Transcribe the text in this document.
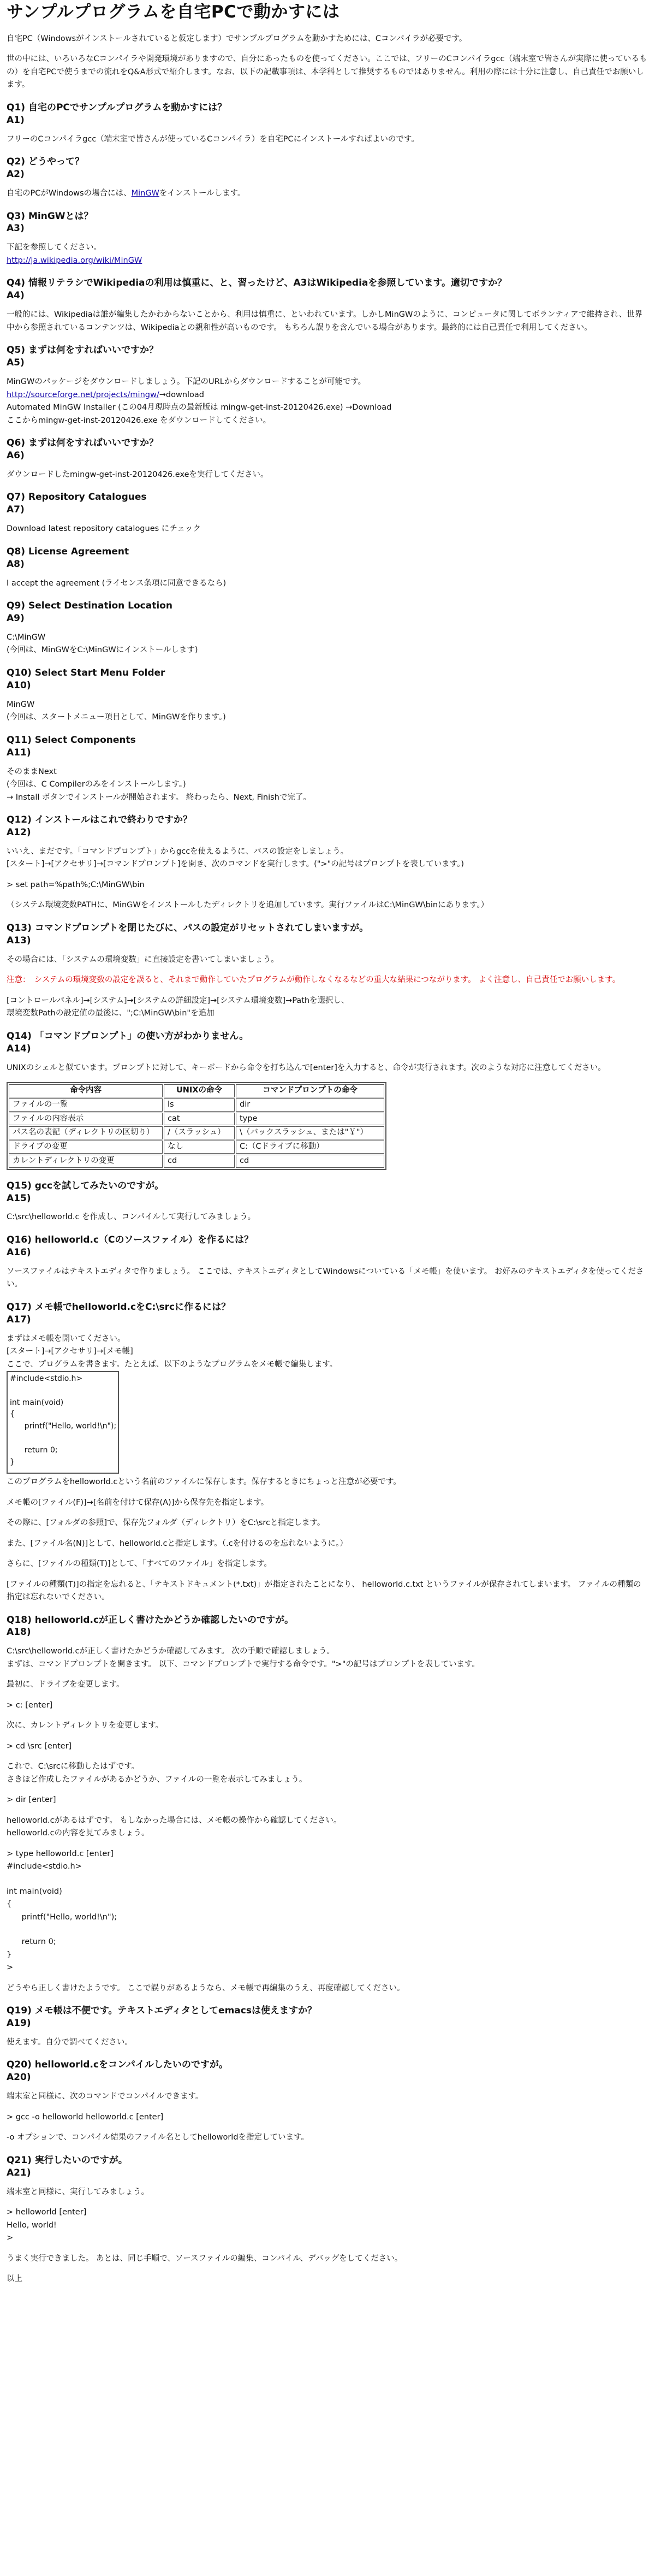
サンプルプログラムを自宅PCで動かすには

自宅PC（Windowsがインストールされていると仮定します）でサンプルプログラムを動かすためには、Cコンパイラが必要です。

世の中には、いろいろなCコンパイラや開発環境がありますので、自分にあったものを使ってください。ここでは、フリーのCコンパイラgcc（端末室で皆さんが実際に使っているもの）を自宅PCで使うまでの流れをQ&A形式で紹介します。なお、以下の記載事項は、本学科として推奨するものではありません。利用の際には十分に注意し、自己責任でお願いします。

Q1) 自宅のPCでサンプルプログラムを動かすには？
A1)

フリーのCコンパイラgcc（端末室で皆さんが使っているCコンパイラ）を自宅PCにインストールすればよいのです。

Q2) どうやって？
A2)

自宅のPCがWindowsの場合には、MinGWをインストールします。

Q3) MinGWとは？
A3)

下記を参照してください。
http://ja.wikipedia.org/wiki/MinGW

Q4) 情報リテラシでWikipediaの利用は慎重に、と、習ったけど、A3はWikipediaを参照しています。適切ですか？
A4)

一般的には、Wikipediaは誰が編集したかわからないことから、利用は慎重に、といわれています。しかしMinGWのように、コンピュータに関してボランティアで維持され、世界中から参照されているコンテンツは、Wikipediaとの親和性が高いものです。 もちろん誤りを含んでいる場合があります。最終的には自己責任で利用してください。

Q5) まずは何をすればいいですか？
A5)

MinGWのパッケージをダウンロードしましょう。下記のURLからダウンロードすることが可能です。
http://sourceforge.net/projects/mingw/→download
Automated MinGW Installer (この04月現時点の最新版は mingw-get-inst-20120426.exe) →Download
ここからmingw-get-inst-20120426.exe をダウンロードしてください。

Q6) まずは何をすればいいですか？
A6)

ダウンロードしたmingw-get-inst-20120426.exeを実行してください。

Q7) Repository Catalogues
A7)

Download latest repository catalogues にチェック

Q8) License Agreement
A8)

I accept the agreement (ライセンス条項に同意できるなら)

Q9) Select Destination Location
A9)

C:\MinGW
(今回は、MinGWをC:\MinGWにインストールします)

Q10) Select Start Menu Folder
A10)

MinGW
(今回は、スタートメニュー項目として、MinGWを作ります。)

Q11) Select Components
A11)

そのままNext
(今回は、C Compilerのみをインストールします。)
→ Install ボタンでインストールが開始されます。 終わったら、Next, Finishで完了。

Q12) インストールはこれで終わりですか？
A12)

いいえ、まだです。「コマンドプロンプト」からgccを使えるように、パスの設定をしましょう。
[スタート]→[アクセサリ]→[コマンドプロンプト]を開き、次のコマンドを実行します。(">"の記号はプロンプトを表しています。)

> set path=%path%;C:\MinGW\bin

（システム環境変数PATHに、MinGWをインストールしたディレクトリを追加しています。実行ファイルはC:\MinGW\binにあります。）

Q13) コマンドプロンプトを閉じたびに、パスの設定がリセットされてしまいますが。
A13)

その場合には、「システムの環境変数」に直接設定を書いてしまいましょう。

注意：　システムの環境変数の設定を誤ると、それまで動作していたプログラムが動作しなくなるなどの重大な結果につながります。 よく注意し、自己責任でお願いします。

[コントロールパネル]→[システム]→[システムの詳細設定]→[システム環境変数]→Pathを選択し、
環境変数Pathの設定値の最後に、";C:\MinGW\bin"を追加

Q14) 「コマンドプロンプト」の使い方がわかりません。
A14)

UNIXのシェルと似ています。プロンプトに対して、キーボードから命令を打ち込んで[enter]を入力すると、命令が実行されます。次のような対応に注意してください。

命令内容	UNIXの命令	コマンドプロンプトの命令
ファイルの一覧	ls	dir
ファイルの内容表示	cat	type
パス名の表記（ディレクトリの区切り）	/（スラッシュ）	\（バックスラッシュ、または"￥"）
ドライブの変更	なし	C:（Cドライブに移動）
カレントディレクトリの変更	cd	cd
Q15) gccを試してみたいのですが。
A15)

C:\src\helloworld.c を作成し、コンパイルして実行してみましょう。

Q16) helloworld.c（Cのソースファイル）を作るには？
A16)

ソースファイルはテキストエディタで作りましょう。 ここでは、テキストエディタとしてWindowsについている「メモ帳」を使います。 お好みのテキストエディタを使ってください。

Q17) メモ帳でhelloworld.cをC:\srcに作るには？
A17)
まずはメモ帳を開いてください。
[スタート]→[アクセサリ]→[メモ帳]
ここで、プログラムを書きます。たとえば、以下のようなプログラムをメモ帳で編集します。
#include<stdio.h>
int main(void)
{
printf("Hello, world!\n");
return 0;
}

このプログラムをhelloworld.cという名前のファイルに保存します。保存するときにちょっと注意が必要です。

メモ帳の[ファイル(F)]→[名前を付けて保存(A)]から保存先を指定します。

その際に、[フォルダの参照]で、保存先フォルダ（ディレクトリ）をC:\srcと指定します。

また、[ファイル名(N)]として、helloworld.cと指定します。（.cを付けるのを忘れないように。）

さらに、[ファイルの種類(T)]として、「すべてのファイル」を指定します。

[ファイルの種類(T)]の指定を忘れると、「テキストドキュメント(*.txt)」が指定されたことになり、 helloworld.c.txt というファイルが保存されてしまいます。 ファイルの種類の指定は忘れないでください。

Q18) helloworld.cが正しく書けたかどうか確認したいのですが。
A18)

C:\src\helloworld.cが正しく書けたかどうか確認してみます。 次の手順で確認しましょう。
まずは、コマンドプロンプトを開きます。 以下、コマンドプロンプトで実行する命令です。">"の記号はプロンプトを表しています。

最初に、ドライブを変更します。

> c: [enter]

次に、カレントディレクトリを変更します。

> cd \src [enter]

これで、C:\srcに移動したはずです。
さきほど作成したファイルがあるかどうか、ファイルの一覧を表示してみましょう。

> dir [enter]

helloworld.cがあるはずです。 もしなかった場合には、メモ帳の操作から確認してください。
helloworld.cの内容を見てみましょう。

> type helloworld.c [enter]
#include<stdio.h>
int main(void)
{
printf("Hello, world!\n");
return 0;
}
>

どうやら正しく書けたようです。 ここで誤りがあるようなら、メモ帳で再編集のうえ、再度確認してください。

Q19) メモ帳は不便です。テキストエディタとしてemacsは使えますか？
A19)

使えます。自分で調べてください。

Q20) helloworld.cをコンパイルしたいのですが。
A20)

端末室と同様に、次のコマンドでコンパイルできます。

> gcc -o helloworld helloworld.c [enter]

-o オプションで、コンパイル結果のファイル名としてhelloworldを指定しています。

Q21) 実行したいのですが。
A21)

端末室と同様に、実行してみましょう。

> helloworld [enter]
Hello, world!
>

うまく実行できました。 あとは、同じ手順で、ソースファイルの編集、コンパイル、デバッグをしてください。

以上
